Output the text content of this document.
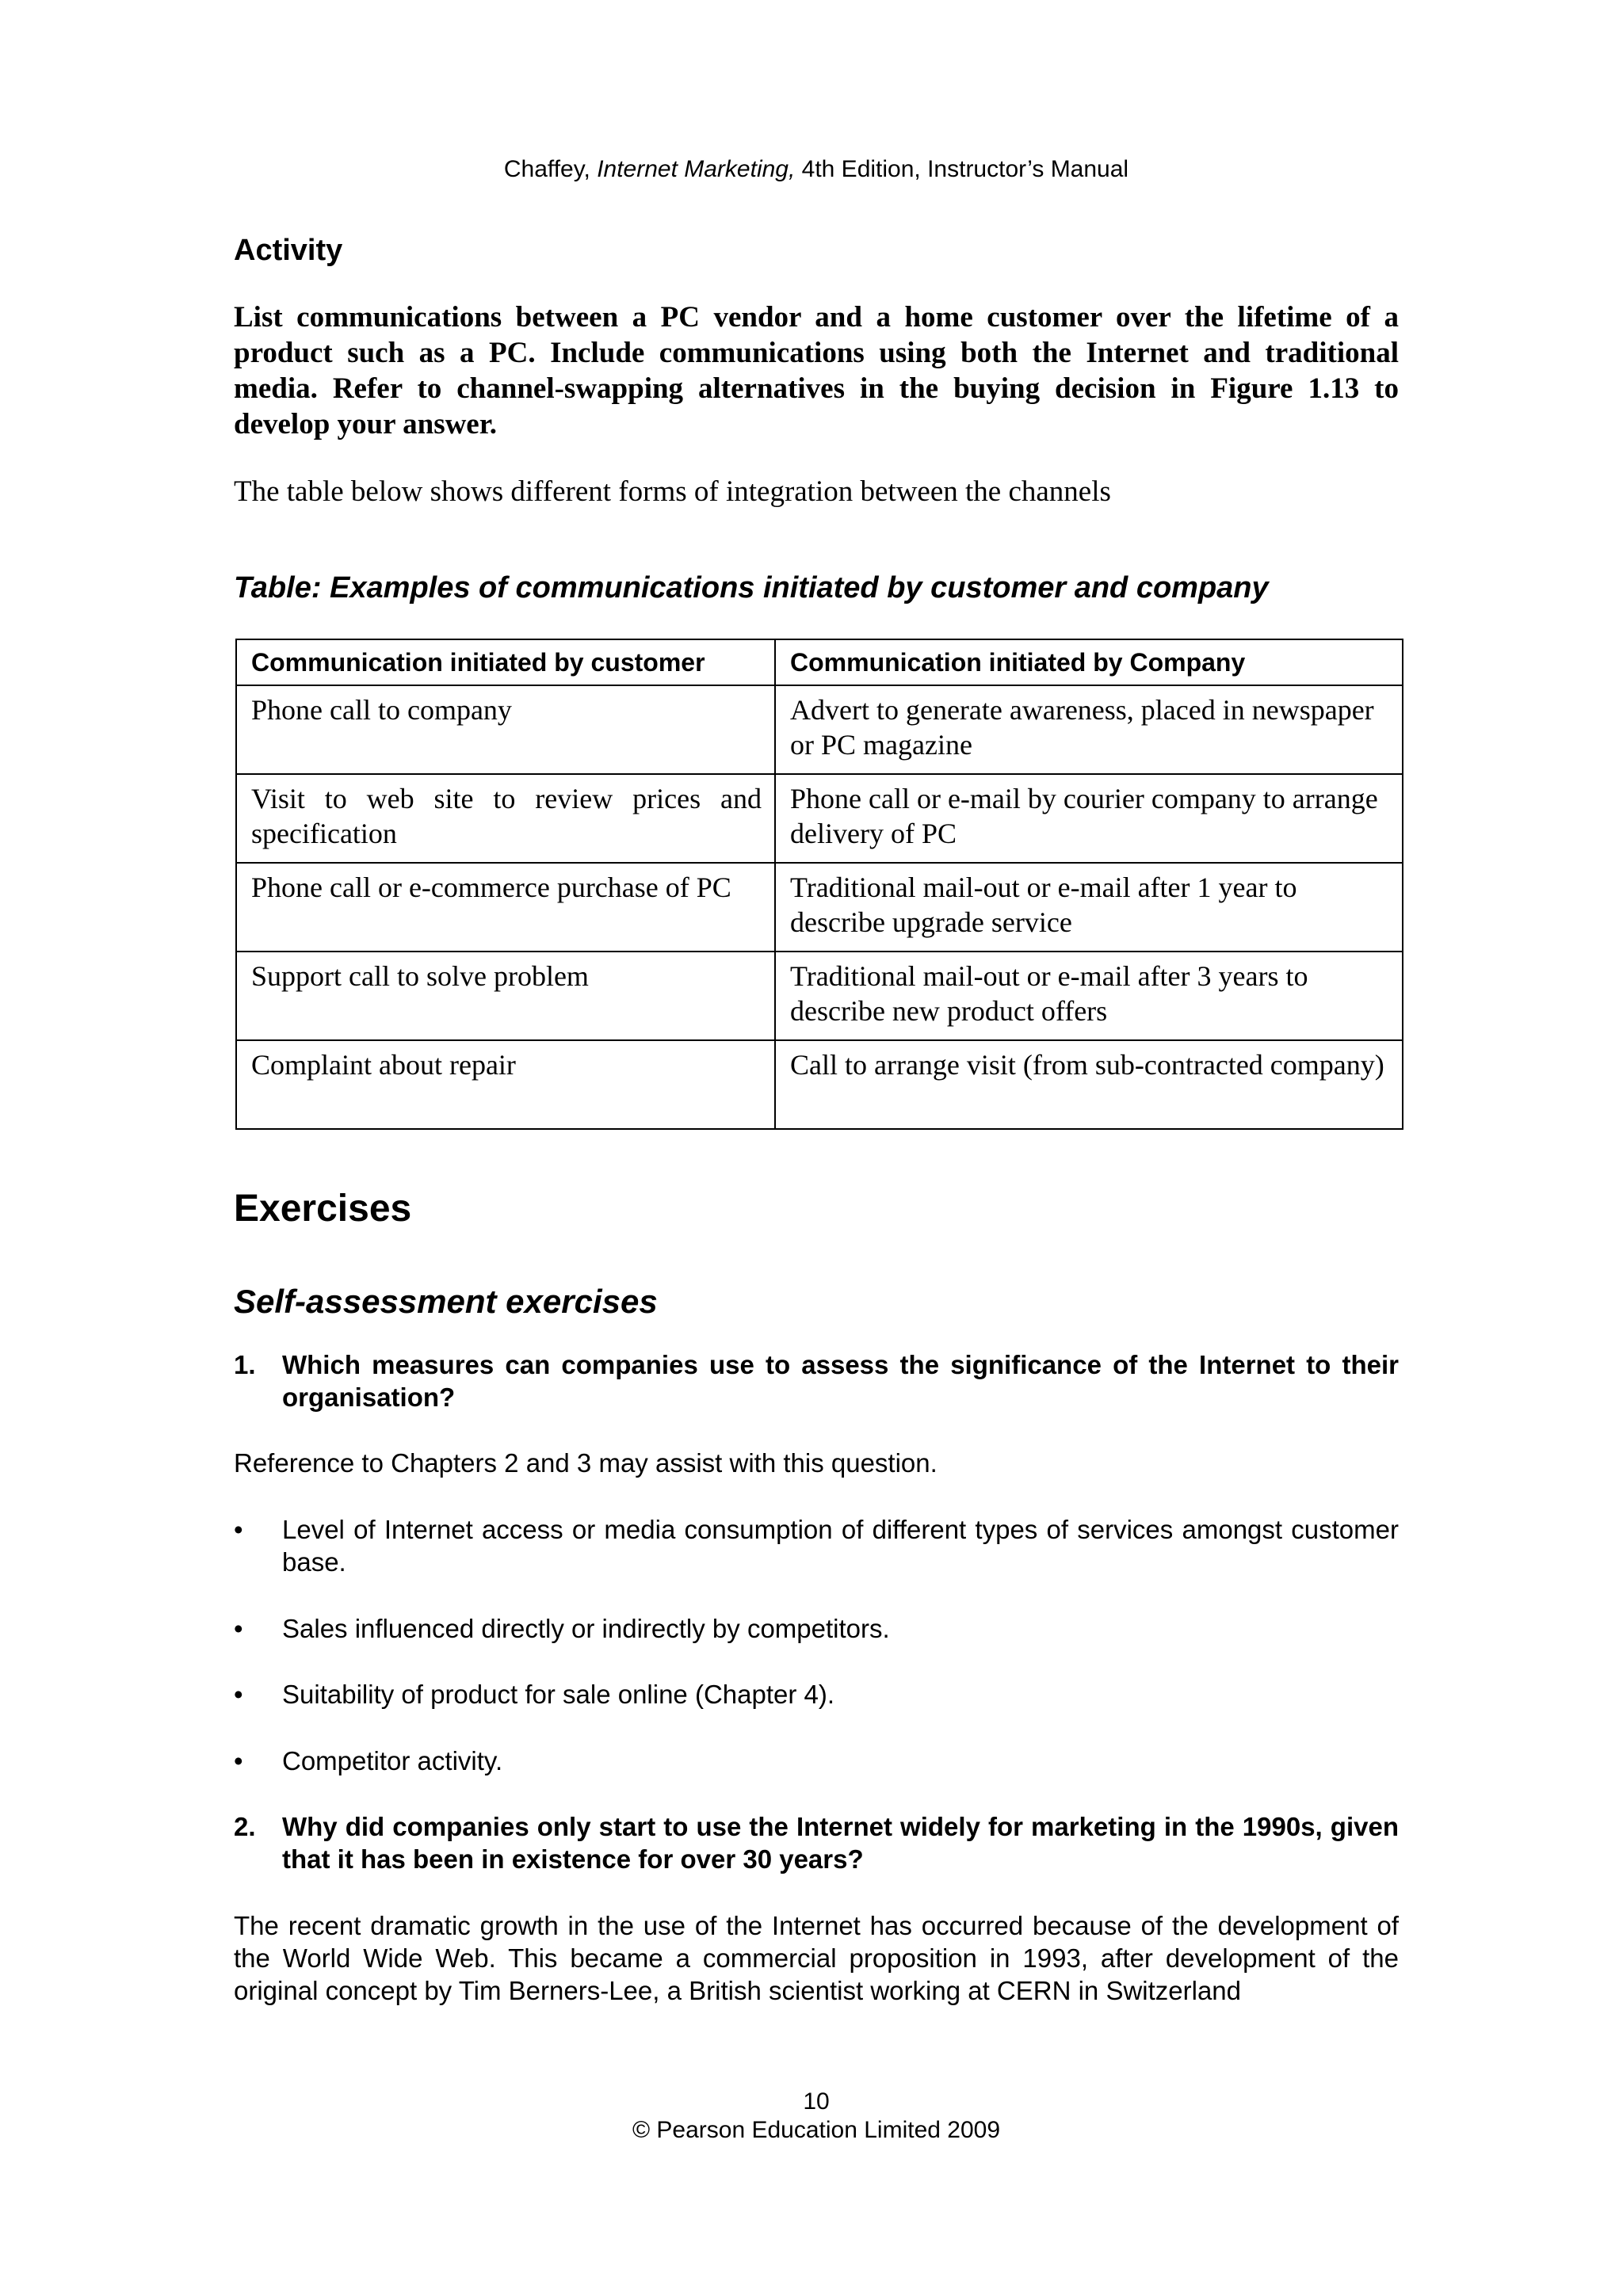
Chaffey, Internet Marketing, 4th Edition, Instructor’s Manual
Activity

List communications between a PC vendor and a home customer over the lifetime of a product such as a PC. Include communications using both the Internet and traditional media. Refer to channel-swapping alternatives in the buying decision in Figure 1.13 to develop your answer.

The table below shows different forms of integration between the channels

Table: Examples of communications initiated by customer and company

Communication initiated by customer	Communication initiated by Company
Phone call to company	Advert to generate awareness, placed in newspaper or PC magazine
Visit to web site to review prices and specification	Phone call or e-mail by courier company to arrange delivery of PC
Phone call or e-commerce purchase of PC	Traditional mail-out or e-mail after 1 year to describe upgrade service
Support call to solve problem	Traditional mail-out or e-mail after 3 years to describe new product offers
Complaint about repair	Call to arrange visit (from sub-contracted company)
Exercises
Self-assessment exercises
1. Which measures can companies use to assess the significance of the Internet to their organisation?

Reference to Chapters 2 and 3 may assist with this question.

• Level of Internet access or media consumption of different types of services amongst customer base.
• Sales influenced directly or indirectly by competitors.
• Suitability of product for sale online (Chapter 4).
• Competitor activity.
2. Why did companies only start to use the Internet widely for marketing in the 1990s, given that it has been in existence for over 30 years?

The recent dramatic growth in the use of the Internet has occurred because of the development of the World Wide Web. This became a commercial proposition in 1993, after development of the original concept by Tim Berners-Lee, a British scientist working at CERN in Switzerland

10
© Pearson Education Limited 2009
